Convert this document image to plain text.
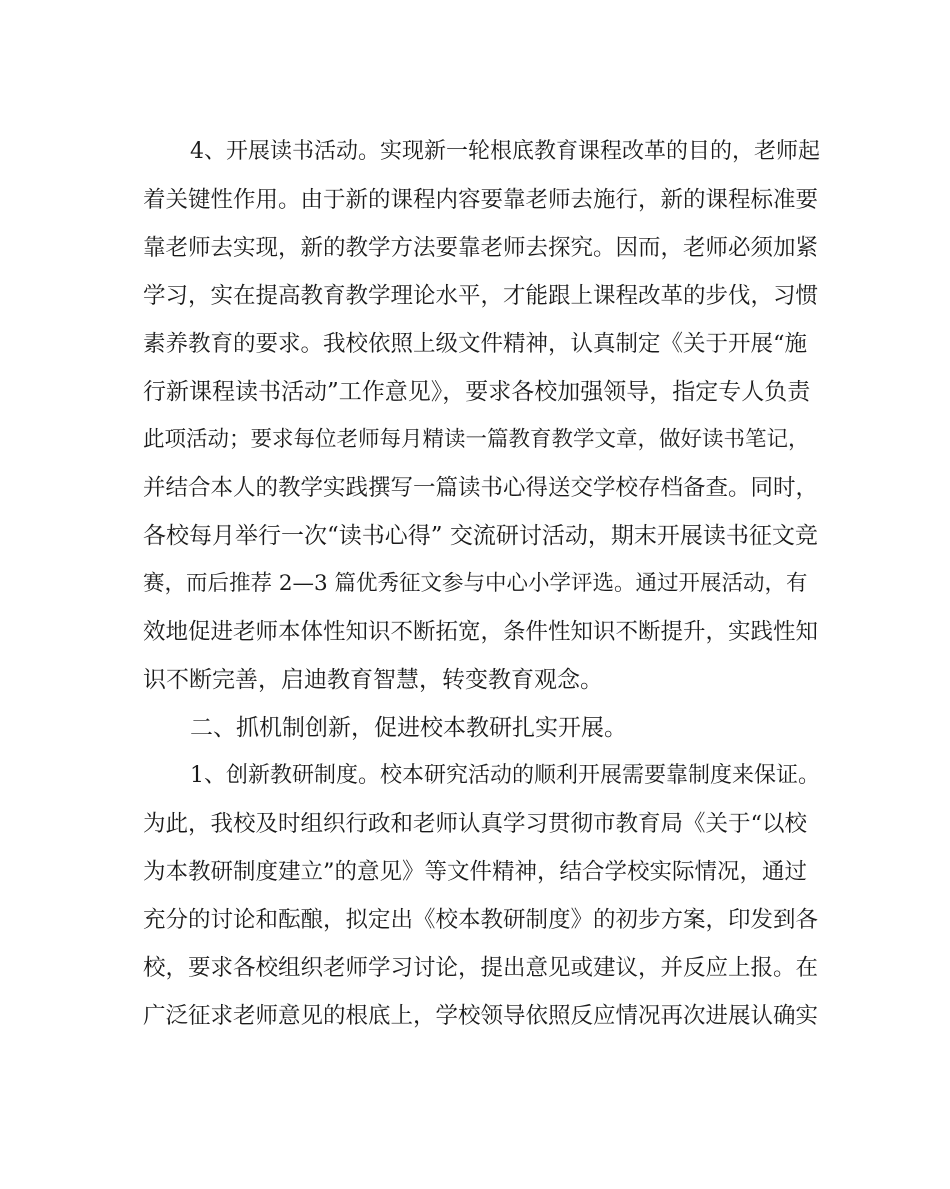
4、开展读书活动。实现新一轮根底教育课程改革的目的，老师起
着关键性作用。由于新的课程内容要靠老师去施行，新的课程标准要
靠老师去实现，新的教学方法要靠老师去探究。因而，老师必须加紧
学习，实在提高教育教学理论水平，才能跟上课程改革的步伐，习惯
素养教育的要求。我校依照上级文件精神，认真制定《关于开展“施
行新课程读书活动”工作意见》，要求各校加强领导，指定专人负责
此项活动；要求每位老师每月精读一篇教育教学文章，做好读书笔记，
并结合本人的教学实践撰写一篇读书心得送交学校存档备查。同时，
各校每月举行一次“读书心得” 交流研讨活动，期末开展读书征文竞
赛，而后推荐 2—3 篇优秀征文参与中心小学评选。通过开展活动，有
效地促进老师本体性知识不断拓宽，条件性知识不断提升，实践性知
识不断完善，启迪教育智慧，转变教育观念。
二、抓机制创新，促进校本教研扎实开展。
1、创新教研制度。校本研究活动的顺利开展需要靠制度来保证。
为此，我校及时组织行政和老师认真学习贯彻市教育局《关于“以校
为本教研制度建立”的意见》等文件精神，结合学校实际情况，通过
充分的讨论和酝酿，拟定出《校本教研制度》的初步方案，印发到各
校，要求各校组织老师学习讨论，提出意见或建议，并反应上报。在
广泛征求老师意见的根底上，学校领导依照反应情况再次进展认确实
